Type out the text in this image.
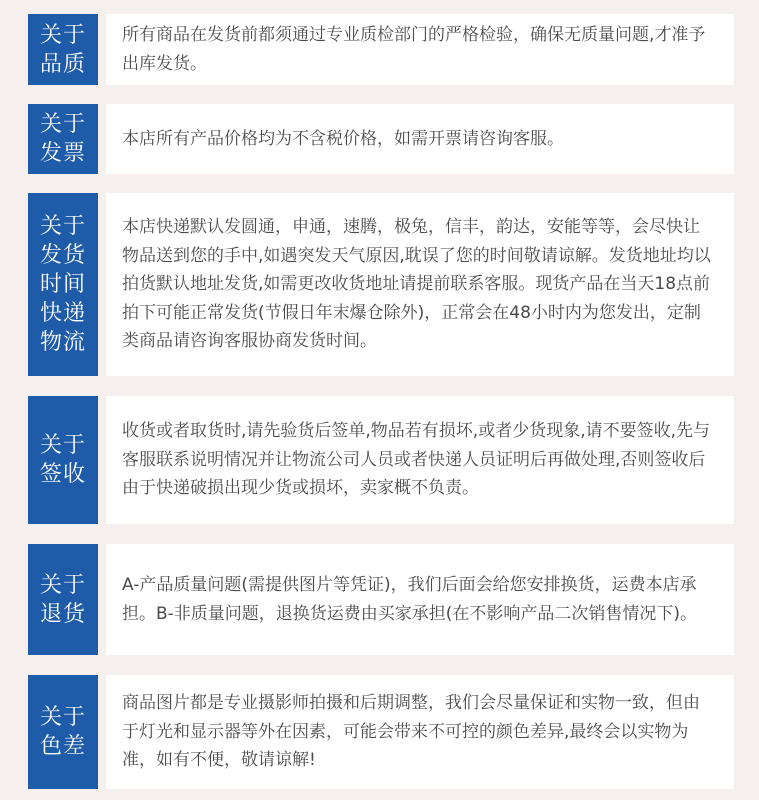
关于品质

所有商品在发货前都须通过专业质检部门的严格检验，确保无质量问题,才准予出库发货。

关于发票

本店所有产品价格均为不含税价格，如需开票请咨询客服。

关于发货时间快递物流

本店快递默认发圆通，申通，速腾，极兔，信丰，韵达，安能等等，会尽快让物品送到您的手中,如遇突发天气原因,耽误了您的时间敬请谅解。发货地址均以拍货默认地址发货,如需更改收货地址请提前联系客服。现货产品在当天18点前拍下可能正常发货(节假日年末爆仓除外)，正常会在48小时内为您发出，定制类商品请咨询客服协商发货时间。

关于签收

收货或者取货时,请先验货后签单,物品若有损坏,或者少货现象,请不要签收,先与客服联系说明情况并让物流公司人员或者快递人员证明后再做处理,否则签收后由于快递破损出现少货或损坏，卖家概不负责。

关于退货

A-产品质量问题(需提供图片等凭证)，我们后面会给您安排换货，运费本店承担。B-非质量问题，退换货运费由买家承担(在不影响产品二次销售情况下)。

关于色差

商品图片都是专业摄影师拍摄和后期调整，我们会尽量保证和实物一致，但由于灯光和显示器等外在因素，可能会带来不可控的颜色差异,最终会以实物为准，如有不便，敬请谅解!
